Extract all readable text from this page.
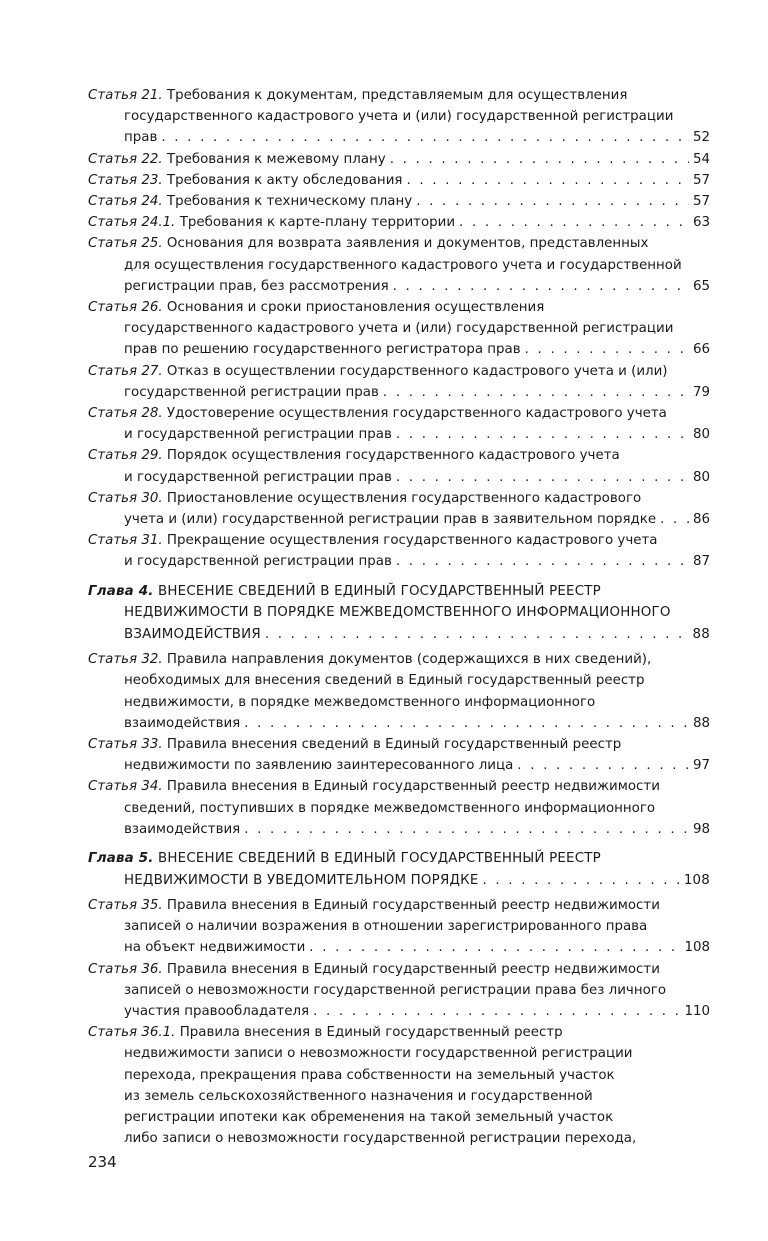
Статья 21. Требования к документам, представляемым для осуществления
государственного кадастрового учета и (или) государственной регистрации
прав . . .	52
Статья 22. Требования к межевому плану . . .	54
Статья 23. Требования к акту обследования . . .	57
Статья 24. Требования к техническому плану . . .	57
Статья 24.1. Требования к карте-плану территории . . .	63
Статья 25. Основания для возврата заявления и документов, представленных
для осуществления государственного кадастрового учета и государственной
регистрации прав, без рассмотрения . . .	65
Статья 26. Основания и сроки приостановления осуществления
государственного кадастрового учета и (или) государственной регистрации
прав по решению государственного регистратора прав . . .	66
Статья 27. Отказ в осуществлении государственного кадастрового учета и (или)
государственной регистрации прав . . .	79
Статья 28. Удостоверение осуществления государственного кадастрового учета
и государственной регистрации прав . . .	80
Статья 29. Порядок осуществления государственного кадастрового учета
и государственной регистрации прав . . .	80
Статья 30. Приостановление осуществления государственного кадастрового
учета и (или) государственной регистрации прав в заявительном порядке . . .	86
Статья 31. Прекращение осуществления государственного кадастрового учета
и государственной регистрации прав . . .	87
Глава 4. ВНЕСЕНИЕ СВЕДЕНИЙ В ЕДИНЫЙ ГОСУДАРСТВЕННЫЙ РЕЕСТР
НЕДВИЖИМОСТИ В ПОРЯДКЕ МЕЖВЕДОМСТВЕННОГО ИНФОРМАЦИОННОГО
ВЗАИМОДЕЙСТВИЯ . . .	88
Статья 32. Правила направления документов (содержащихся в них сведений),
необходимых для внесения сведений в Единый государственный реестр
недвижимости, в порядке межведомственного информационного
взаимодействия . . .	88
Статья 33. Правила внесения сведений в Единый государственный реестр
недвижимости по заявлению заинтересованного лица . . .	97
Статья 34. Правила внесения в Единый государственный реестр недвижимости
сведений, поступивших в порядке межведомственного информационного
взаимодействия . . .	98
Глава 5. ВНЕСЕНИЕ СВЕДЕНИЙ В ЕДИНЫЙ ГОСУДАРСТВЕННЫЙ РЕЕСТР
НЕДВИЖИМОСТИ В УВЕДОМИТЕЛЬНОМ ПОРЯДКЕ . . .	108
Статья 35. Правила внесения в Единый государственный реестр недвижимости
записей о наличии возражения в отношении зарегистрированного права
на объект недвижимости . . .	108
Статья 36. Правила внесения в Единый государственный реестр недвижимости
записей о невозможности государственной регистрации права без личного
участия правообладателя . . .	110
Статья 36.1. Правила внесения в Единый государственный реестр
недвижимости записи о невозможности государственной регистрации
перехода, прекращения права собственности на земельный участок
из земель сельскохозяйственного назначения и государственной
регистрации ипотеки как обременения на такой земельный участок
либо записи о невозможности государственной регистрации перехода,
234
